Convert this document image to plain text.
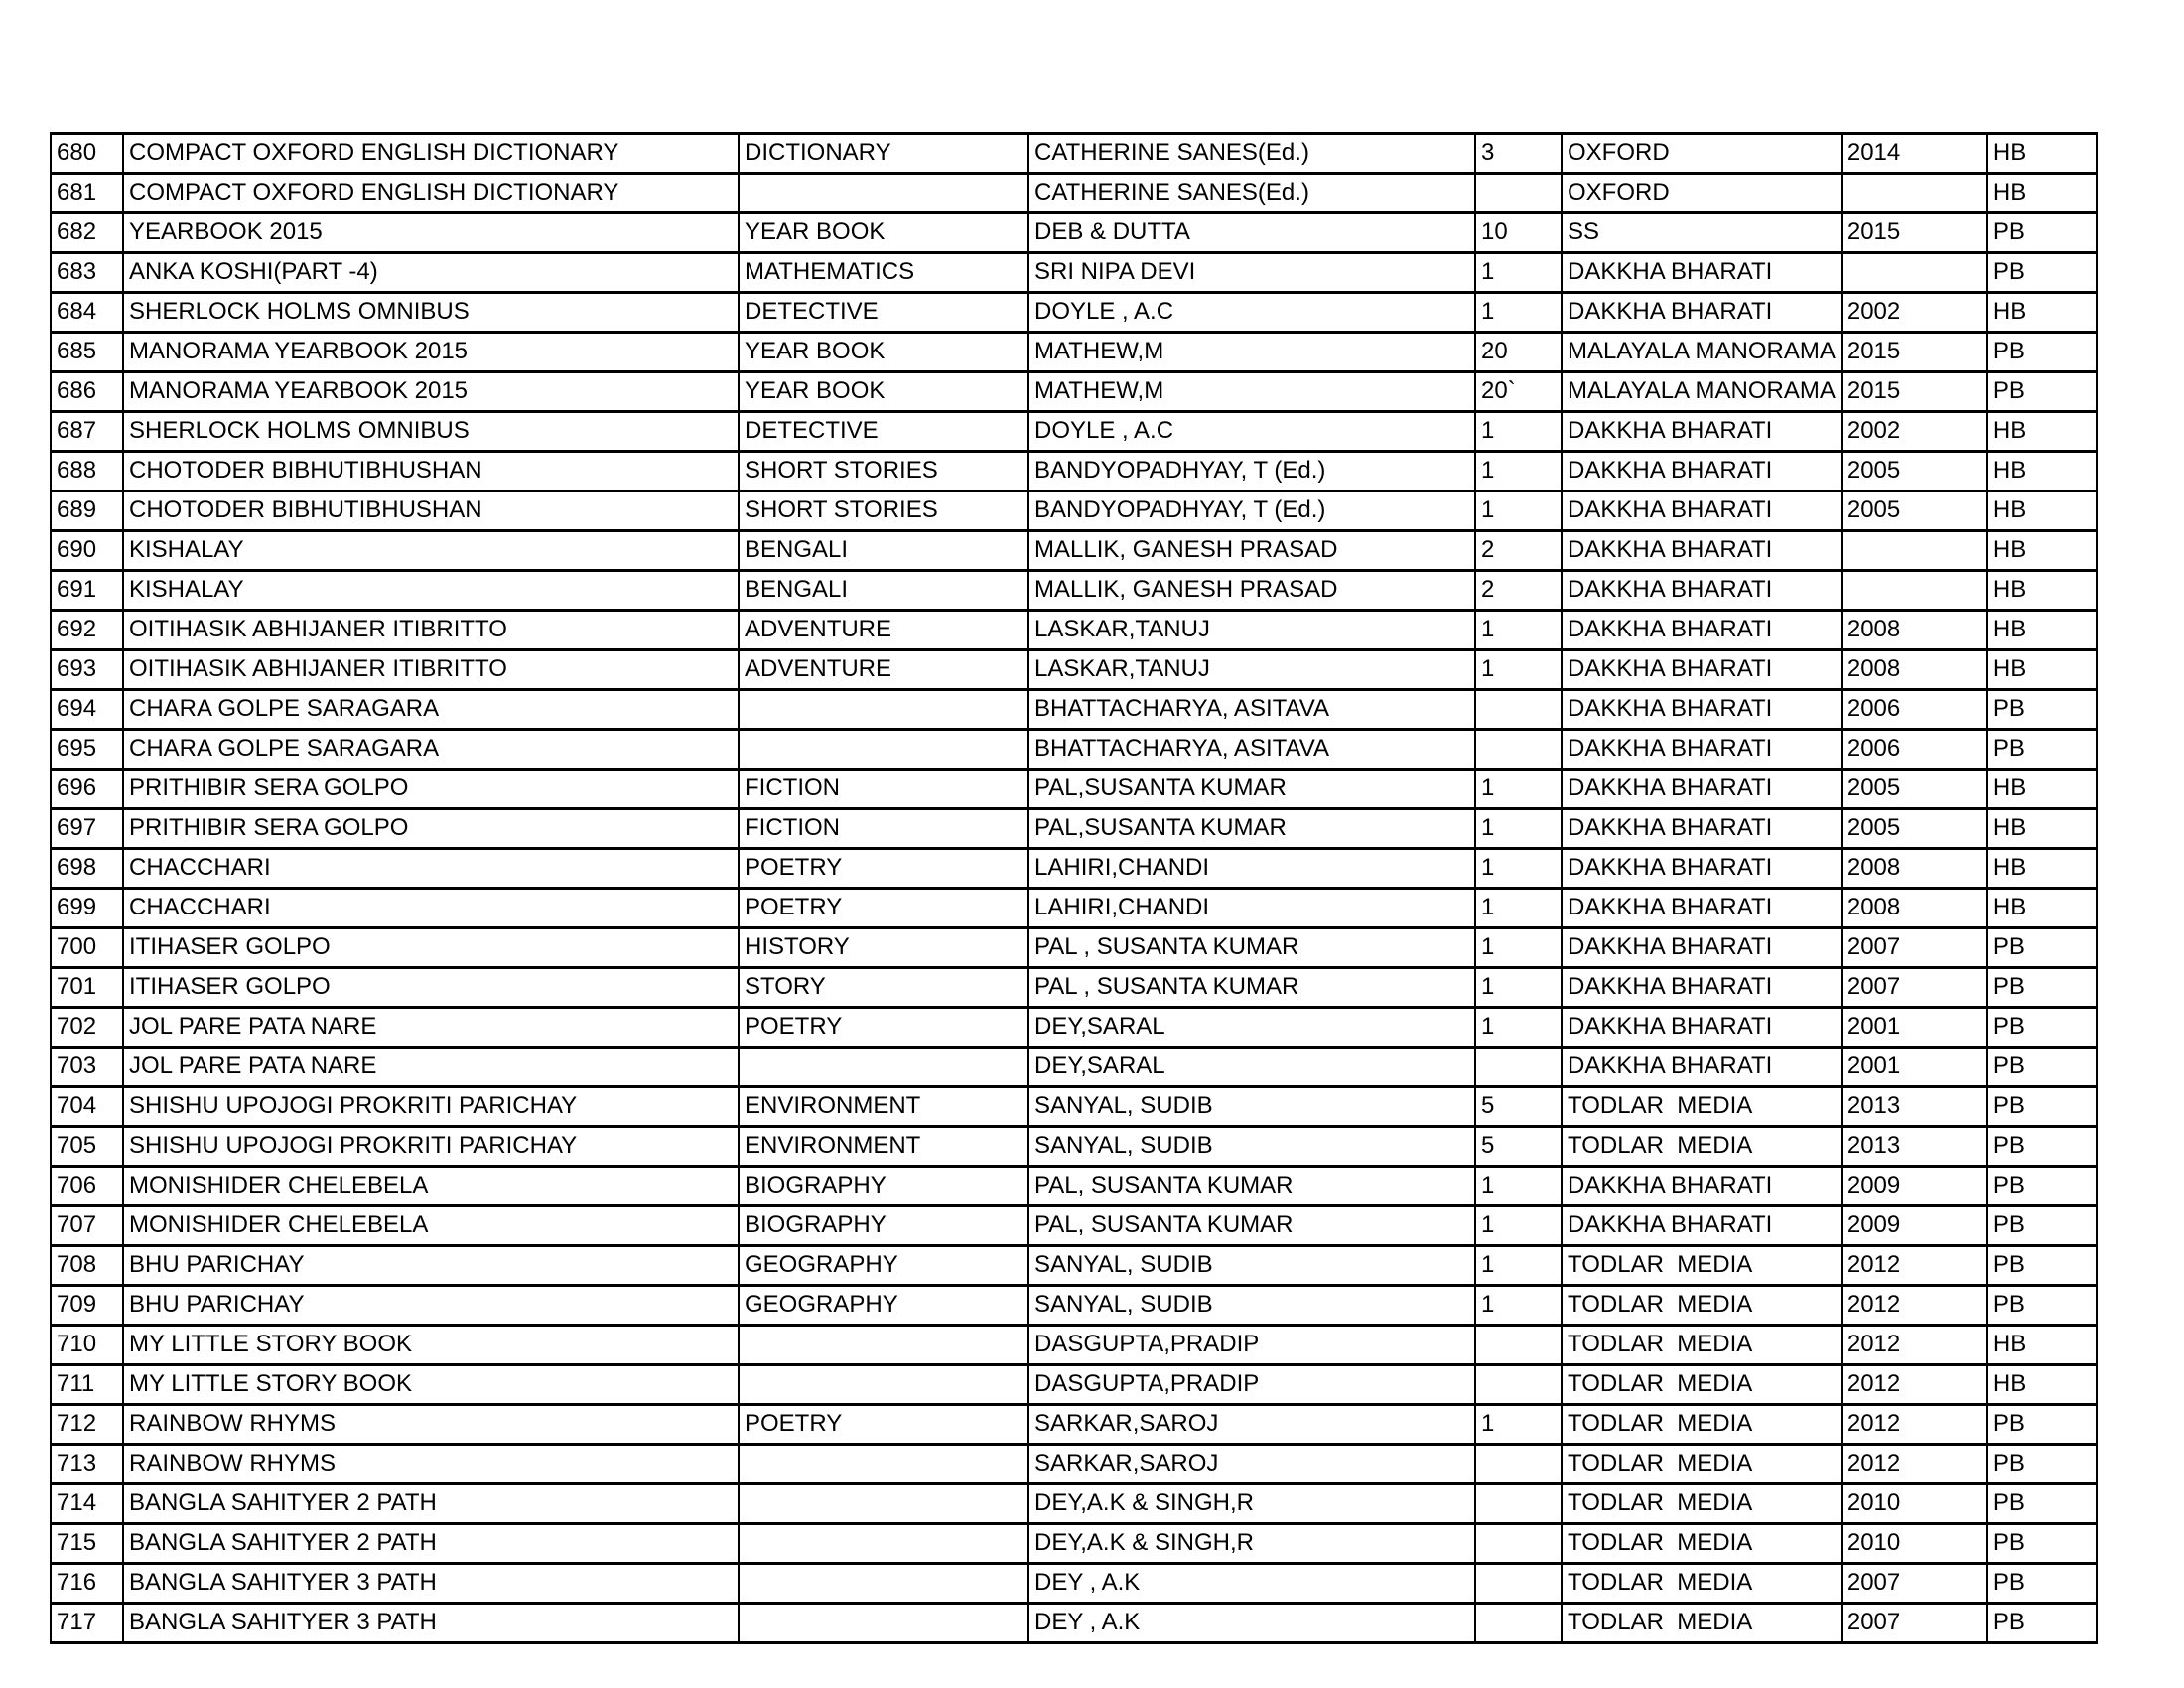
680	COMPACT OXFORD ENGLISH DICTIONARY	DICTIONARY	CATHERINE SANES(Ed.)	3	OXFORD	2014	HB
681	COMPACT OXFORD ENGLISH DICTIONARY		CATHERINE SANES(Ed.)		OXFORD		HB
682	YEARBOOK 2015	YEAR BOOK	DEB & DUTTA	10	SS	2015	PB
683	ANKA KOSHI(PART -4)	MATHEMATICS	SRI NIPA DEVI	1	DAKKHA BHARATI		PB
684	SHERLOCK HOLMS OMNIBUS	DETECTIVE	DOYLE , A.C	1	DAKKHA BHARATI	2002	HB
685	MANORAMA YEARBOOK 2015	YEAR BOOK	MATHEW,M	20	MALAYALA MANORAMA	2015	PB
686	MANORAMA YEARBOOK 2015	YEAR BOOK	MATHEW,M	20`	MALAYALA MANORAMA	2015	PB
687	SHERLOCK HOLMS OMNIBUS	DETECTIVE	DOYLE , A.C	1	DAKKHA BHARATI	2002	HB
688	CHOTODER BIBHUTIBHUSHAN	SHORT STORIES	BANDYOPADHYAY, T (Ed.)	1	DAKKHA BHARATI	2005	HB
689	CHOTODER BIBHUTIBHUSHAN	SHORT STORIES	BANDYOPADHYAY, T (Ed.)	1	DAKKHA BHARATI	2005	HB
690	KISHALAY	BENGALI	MALLIK, GANESH PRASAD	2	DAKKHA BHARATI		HB
691	KISHALAY	BENGALI	MALLIK, GANESH PRASAD	2	DAKKHA BHARATI		HB
692	OITIHASIK ABHIJANER ITIBRITTO	ADVENTURE	LASKAR,TANUJ	1	DAKKHA BHARATI	2008	HB
693	OITIHASIK ABHIJANER ITIBRITTO	ADVENTURE	LASKAR,TANUJ	1	DAKKHA BHARATI	2008	HB
694	CHARA GOLPE SARAGARA		BHATTACHARYA, ASITAVA		DAKKHA BHARATI	2006	PB
695	CHARA GOLPE SARAGARA		BHATTACHARYA, ASITAVA		DAKKHA BHARATI	2006	PB
696	PRITHIBIR SERA GOLPO	FICTION	PAL,SUSANTA KUMAR	1	DAKKHA BHARATI	2005	HB
697	PRITHIBIR SERA GOLPO	FICTION	PAL,SUSANTA KUMAR	1	DAKKHA BHARATI	2005	HB
698	CHACCHARI	POETRY	LAHIRI,CHANDI	1	DAKKHA BHARATI	2008	HB
699	CHACCHARI	POETRY	LAHIRI,CHANDI	1	DAKKHA BHARATI	2008	HB
700	ITIHASER GOLPO	HISTORY	PAL , SUSANTA KUMAR	1	DAKKHA BHARATI	2007	PB
701	ITIHASER GOLPO	STORY	PAL , SUSANTA KUMAR	1	DAKKHA BHARATI	2007	PB
702	JOL PARE PATA NARE	POETRY	DEY,SARAL	1	DAKKHA BHARATI	2001	PB
703	JOL PARE PATA NARE		DEY,SARAL		DAKKHA BHARATI	2001	PB
704	SHISHU UPOJOGI PROKRITI PARICHAY	ENVIRONMENT	SANYAL, SUDIB	5	TODLAR  MEDIA	2013	PB
705	SHISHU UPOJOGI PROKRITI PARICHAY	ENVIRONMENT	SANYAL, SUDIB	5	TODLAR  MEDIA	2013	PB
706	MONISHIDER CHELEBELA	BIOGRAPHY	PAL, SUSANTA KUMAR	1	DAKKHA BHARATI	2009	PB
707	MONISHIDER CHELEBELA	BIOGRAPHY	PAL, SUSANTA KUMAR	1	DAKKHA BHARATI	2009	PB
708	BHU PARICHAY	GEOGRAPHY	SANYAL, SUDIB	1	TODLAR  MEDIA	2012	PB
709	BHU PARICHAY	GEOGRAPHY	SANYAL, SUDIB	1	TODLAR  MEDIA	2012	PB
710	MY LITTLE STORY BOOK		DASGUPTA,PRADIP		TODLAR  MEDIA	2012	HB
711	MY LITTLE STORY BOOK		DASGUPTA,PRADIP		TODLAR  MEDIA	2012	HB
712	RAINBOW RHYMS	POETRY	SARKAR,SAROJ	1	TODLAR  MEDIA	2012	PB
713	RAINBOW RHYMS		SARKAR,SAROJ		TODLAR  MEDIA	2012	PB
714	BANGLA SAHITYER 2 PATH		DEY,A.K & SINGH,R		TODLAR  MEDIA	2010	PB
715	BANGLA SAHITYER 2 PATH		DEY,A.K & SINGH,R		TODLAR  MEDIA	2010	PB
716	BANGLA SAHITYER 3 PATH		DEY , A.K		TODLAR  MEDIA	2007	PB
717	BANGLA SAHITYER 3 PATH		DEY , A.K		TODLAR  MEDIA	2007	PB
